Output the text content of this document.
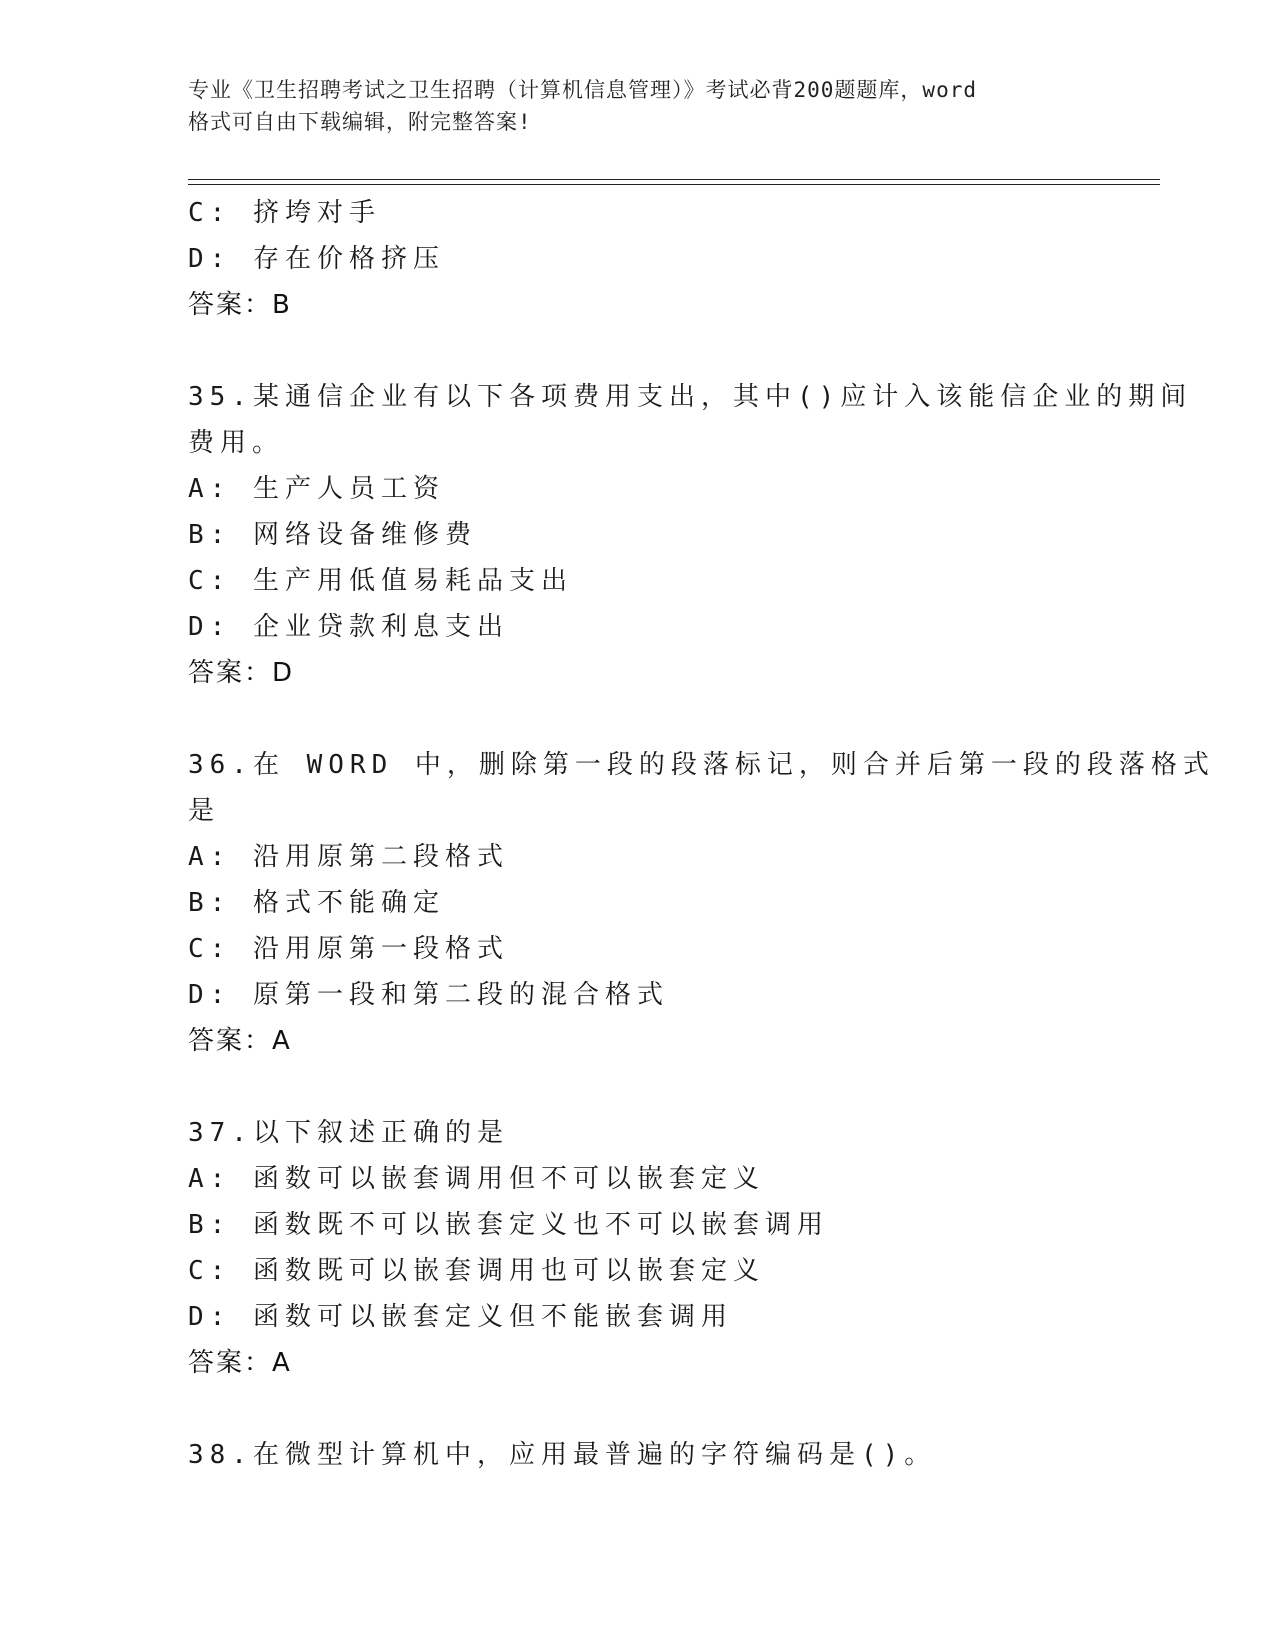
专业《卫生招聘考试之卫生招聘（计算机信息管理）》考试必背200题题库，word
格式可自由下载编辑，附完整答案!
C: 挤垮对手
D: 存在价格挤压
答案：B
35.某通信企业有以下各项费用支出，其中()应计入该能信企业的期间
费用。
A: 生产人员工资
B: 网络设备维修费
C: 生产用低值易耗品支出
D: 企业贷款利息支出
答案：D
36.在 WORD 中，删除第一段的段落标记，则合并后第一段的段落格式
是
A: 沿用原第二段格式
B: 格式不能确定
C: 沿用原第一段格式
D: 原第一段和第二段的混合格式
答案：A
37.以下叙述正确的是
A: 函数可以嵌套调用但不可以嵌套定义
B: 函数既不可以嵌套定义也不可以嵌套调用
C: 函数既可以嵌套调用也可以嵌套定义
D: 函数可以嵌套定义但不能嵌套调用
答案：A
38.在微型计算机中，应用最普遍的字符编码是()。
